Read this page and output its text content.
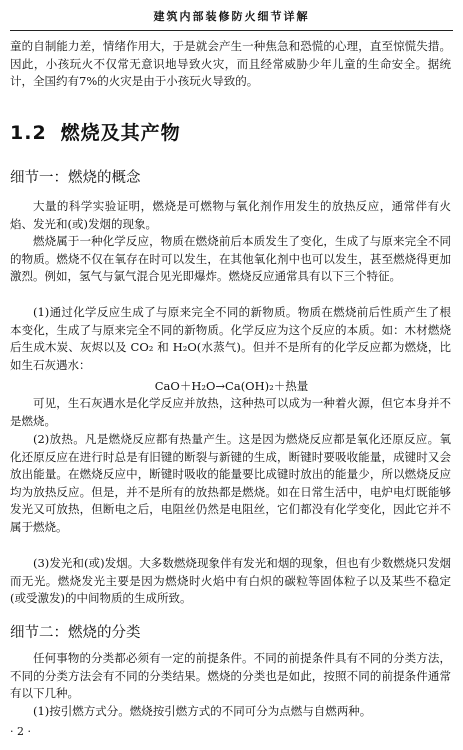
建筑内部装修防火细节详解

童的自制能力差，情绪作用大，于是就会产生一种焦急和恐慌的心理，直至惊慌失措。因此，小孩玩火不仅常无意识地导致火灾，而且经常威胁少年儿童的生命安全。据统计，全国约有7%的火灾是由于小孩玩火导致的。

1.2 燃烧及其产物
细节一：燃烧的概念

大量的科学实验证明，燃烧是可燃物与氧化剂作用发生的放热反应，通常伴有火焰、发光和(或)发烟的现象。

燃烧属于一种化学反应，物质在燃烧前后本质发生了变化，生成了与原来完全不同的物质。燃烧不仅在氧存在时可以发生，在其他氧化剂中也可以发生，甚至燃烧得更加激烈。例如，氢气与氯气混合见光即爆炸。燃烧反应通常具有以下三个特征。

(1)通过化学反应生成了与原来完全不同的新物质。物质在燃烧前后性质产生了根本变化，生成了与原来完全不同的新物质。化学反应为这个反应的本质。如：木材燃烧后生成木炭、灰烬以及 CO₂ 和 H₂O(水蒸气)。但并不是所有的化学反应都为燃烧，比如生石灰遇水：

CaO＋H₂O→Ca(OH)₂＋热量

可见，生石灰遇水是化学反应并放热，这种热可以成为一种着火源，但它本身并不是燃烧。

(2)放热。凡是燃烧反应都有热量产生。这是因为燃烧反应都是氧化还原反应。氧化还原反应在进行时总是有旧键的断裂与新键的生成，断键时要吸收能量，成键时又会放出能量。在燃烧反应中，断键时吸收的能量要比成键时放出的能量少，所以燃烧反应均为放热反应。但是，并不是所有的放热都是燃烧。如在日常生活中，电炉电灯既能够发光又可放热，但断电之后，电阻丝仍然是电阻丝，它们都没有化学变化，因此它并不属于燃烧。

(3)发光和(或)发烟。大多数燃烧现象伴有发光和烟的现象，但也有少数燃烧只发烟而无光。燃烧发光主要是因为燃烧时火焰中有白炽的碳粒等固体粒子以及某些不稳定(或受激发)的中间物质的生成所致。

细节二：燃烧的分类

任何事物的分类都必须有一定的前提条件。不同的前提条件具有不同的分类方法，不同的分类方法会有不同的分类结果。燃烧的分类也是如此，按照不同的前提条件通常有以下几种。

(1)按引燃方式分。燃烧按引燃方式的不同可分为点燃与自燃两种。

· 2 ·
